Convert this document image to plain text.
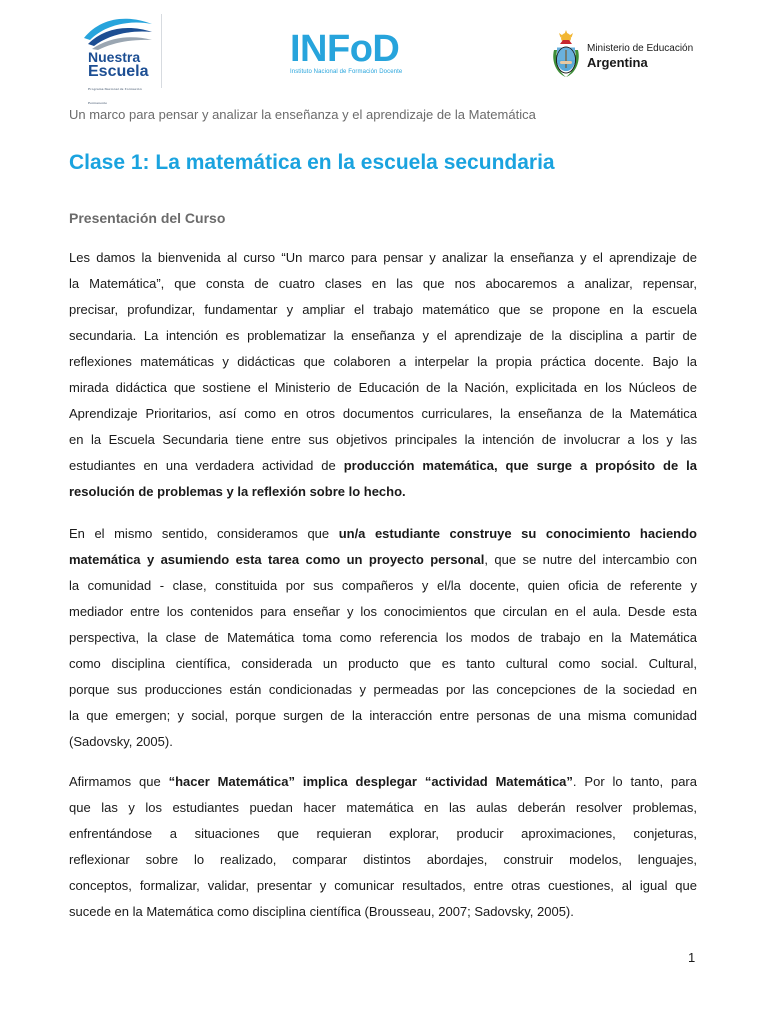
Nuestra
Escuela
Programa Nacional de Formación Permanente
INFoD
Instituto Nacional de Formación Docente
Ministerio de Educación
Argentina
Un marco para pensar y analizar la enseñanza y el aprendizaje de la Matemática
Clase 1: La matemática en la escuela secundaria
Presentación del Curso
Les damos la bienvenida al curso “Un marco para pensar y analizar la enseñanza y el aprendizaje de
la Matemática”, que consta de cuatro clases en las que nos abocaremos a analizar, repensar,
precisar, profundizar, fundamentar y ampliar el trabajo matemático que se propone en la escuela
secundaria. La intención es problematizar la enseñanza y el aprendizaje de la disciplina a partir de
reflexiones matemáticas y didácticas que colaboren a interpelar la propia práctica docente. Bajo la
mirada didáctica que sostiene el Ministerio de Educación de la Nación, explicitada en los Núcleos de
Aprendizaje Prioritarios, así como en otros documentos curriculares, la enseñanza de la Matemática
en la Escuela Secundaria tiene entre sus objetivos principales la intención de involucrar a los y las
estudiantes en una verdadera actividad de producción matemática, que surge a propósito de la
resolución de problemas y la reflexión sobre lo hecho.
En el mismo sentido, consideramos que un/a estudiante construye su conocimiento haciendo
matemática y asumiendo esta tarea como un proyecto personal, que se nutre del intercambio con
la comunidad - clase, constituida por sus compañeros y el/la docente, quien oficia de referente y
mediador entre los contenidos para enseñar y los conocimientos que circulan en el aula. Desde esta
perspectiva, la clase de Matemática toma como referencia los modos de trabajo en la Matemática
como disciplina científica, considerada un producto que es tanto cultural como social. Cultural,
porque sus producciones están condicionadas y permeadas por las concepciones de la sociedad en
la que emergen; y social, porque surgen de la interacción entre personas de una misma comunidad
(Sadovsky, 2005).
Afirmamos que “hacer Matemática” implica desplegar “actividad Matemática”. Por lo tanto, para
que las y los estudiantes puedan hacer matemática en las aulas deberán resolver problemas,
enfrentándose a situaciones que requieran explorar, producir aproximaciones, conjeturas,
reflexionar sobre lo realizado, comparar distintos abordajes, construir modelos, lenguajes,
conceptos, formalizar, validar, presentar y comunicar resultados, entre otras cuestiones, al igual que
sucede en la Matemática como disciplina científica (Brousseau, 2007; Sadovsky, 2005).
1
